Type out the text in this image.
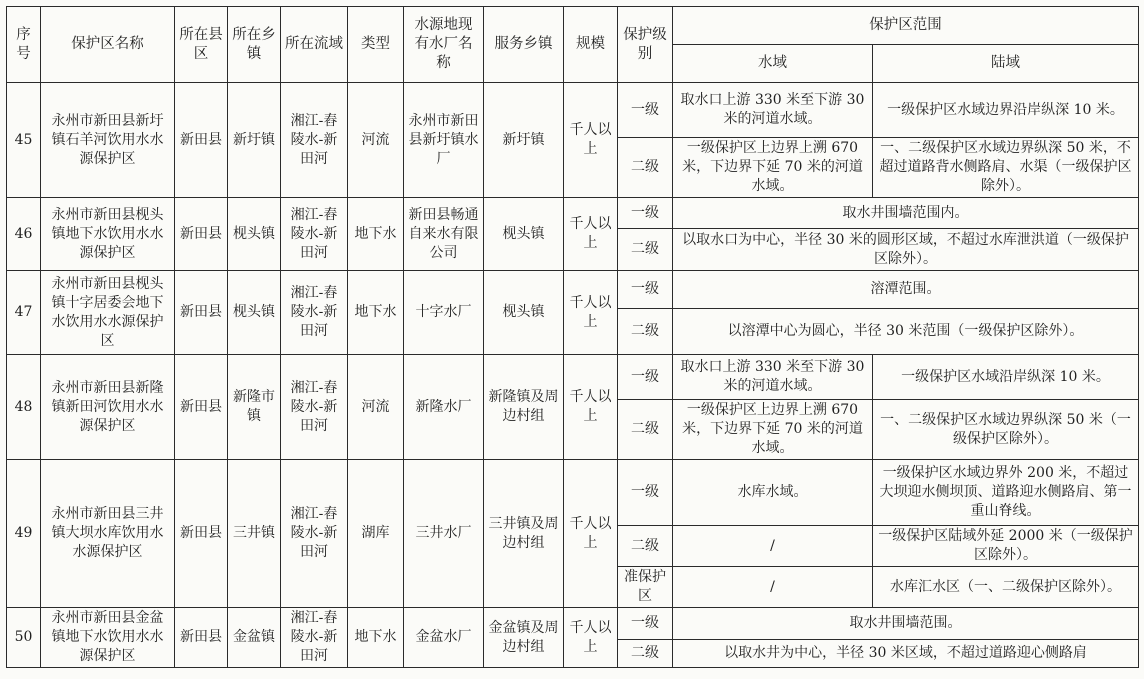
序号	保护区名称	所在县区	所在乡镇	所在流域	类型	水源地现有水厂名称	服务乡镇	规模	保护级别	保护区范围	
										水域	陆域
45	永州市新田县新圩镇石羊河饮用水水源保护区	新田县	新圩镇	湘江-舂陵水-新田河	河流	永州市新田县新圩镇水厂	新圩镇	千人以上	一级	取水口上游 330 米至下游 30 米的河道水域。	一级保护区水域边界沿岸纵深 10 米。
									二级	一级保护区上边界上溯 670 米，下边界下延 70 米的河道水域。	一、二级保护区水域边界纵深 50 米，不超过道路背水侧路肩、水渠（一级保护区除外）。
46	永州市新田县枧头镇地下水饮用水水源保护区	新田县	枧头镇	湘江-舂陵水-新田河	地下水	新田县畅通自来水有限公司	枧头镇	千人以上	一级	取水井围墙范围内。	
									二级	以取水口为中心，半径 30 米的圆形区域，不超过水库泄洪道（一级保护区除外）。	
47	永州市新田县枧头镇十字居委会地下水饮用水水源保护区	新田县	枧头镇	湘江-舂陵水-新田河	地下水	十字水厂	枧头镇	千人以上	一级	溶潭范围。	
									二级	以溶潭中心为圆心，半径 30 米范围（一级保护区除外）。	
48	永州市新田县新隆镇新田河饮用水水源保护区	新田县	新隆市镇	湘江-舂陵水-新田河	河流	新隆水厂	新隆镇及周边村组	千人以上	一级	取水口上游 330 米至下游 30 米的河道水域。	一级保护区水域沿岸纵深 10 米。
									二级	一级保护区上边界上溯 670 米，下边界下延 70 米的河道水域。	一、二级保护区水域边界纵深 50 米（一级保护区除外）。
49	永州市新田县三井镇大坝水库饮用水水源保护区	新田县	三井镇	湘江-舂陵水-新田河	湖库	三井水厂	三井镇及周边村组	千人以上	一级	水库水域。	一级保护区水域边界外 200 米，不超过大坝迎水侧坝顶、道路迎水侧路肩、第一重山脊线。
									二级	/	一级保护区陆域外延 2000 米（一级保护区除外）。
									准保护区	/	水库汇水区（一、二级保护区除外）。
50	永州市新田县金盆镇地下水饮用水水源保护区	新田县	金盆镇	湘江-舂陵水-新田河	地下水	金盆水厂	金盆镇及周边村组	千人以上	一级	取水井围墙范围。	
									二级	以取水井为中心，半径 30 米区域，不超过道路迎心侧路肩	
